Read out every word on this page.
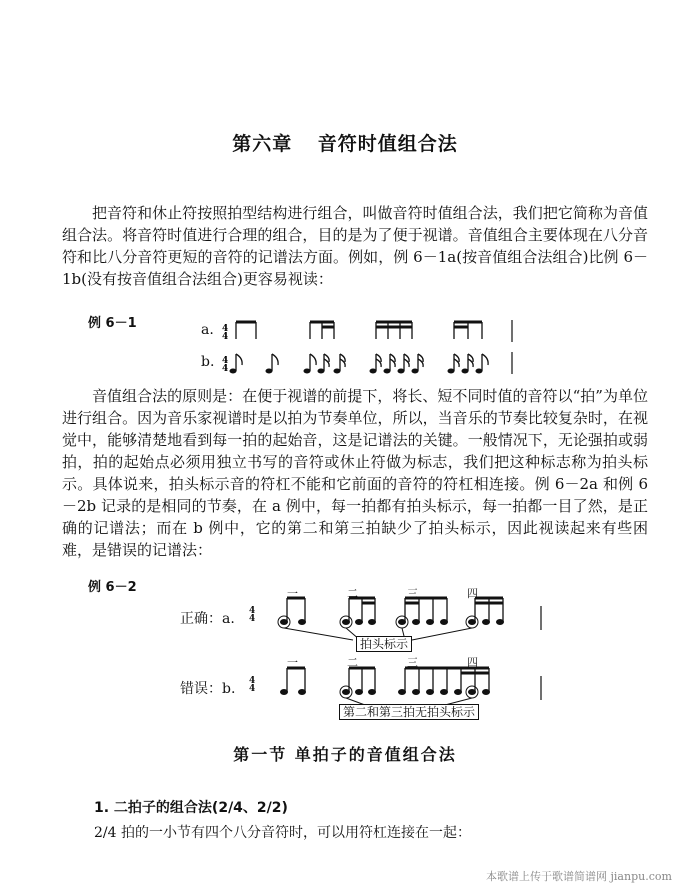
第六章 音符时值组合法

把音符和休止符按照拍型结构进行组合，叫做音符时值组合法，我们把它简称为音值组合法。将音符时值进行合理的组合，目的是为了便于视谱。音值组合主要体现在八分音符和比八分音符更短的音符的记谱法方面。例如，例 6－1a(按音值组合法组合)比例 6－1b(没有按音值组合法组合)更容易视读：

例 6－1	a.
b.
4
4
4
4

音值组合法的原则是：在便于视谱的前提下，将长、短不同时值的音符以“拍”为单位进行组合。因为音乐家视谱时是以拍为节奏单位，所以，当音乐的节奏比较复杂时，在视觉中，能够清楚地看到每一拍的起始音，这是记谱法的关键。一般情况下，无论强拍或弱拍，拍的起始点必须用独立书写的音符或休止符做为标志，我们把这种标志称为拍头标示。具体说来，拍头标示音的符杠不能和它前面的音符的符杠相连接。例 6－2a 和例 6－2b 记录的是相同的节奏，在 a 例中，每一拍都有拍头标示，每一拍都一目了然，是正确的记谱法；而在 b 例中，它的第二和第三拍缺少了拍头标示，因此视读起来有些困难，是错误的记谱法：

例 6－2
正确：a.
错误：b.
一	二	三	四
一	二	三	四
4
4
4
4
拍头标示
第二和第三拍无拍头标示
第一节 单拍子的音值组合法
1. 二拍子的组合法(2/4、2/2)
2/4 拍的一小节有四个八分音符时，可以用符杠连接在一起：
本歌谱上传于歌谱简谱网 jianpu.com
